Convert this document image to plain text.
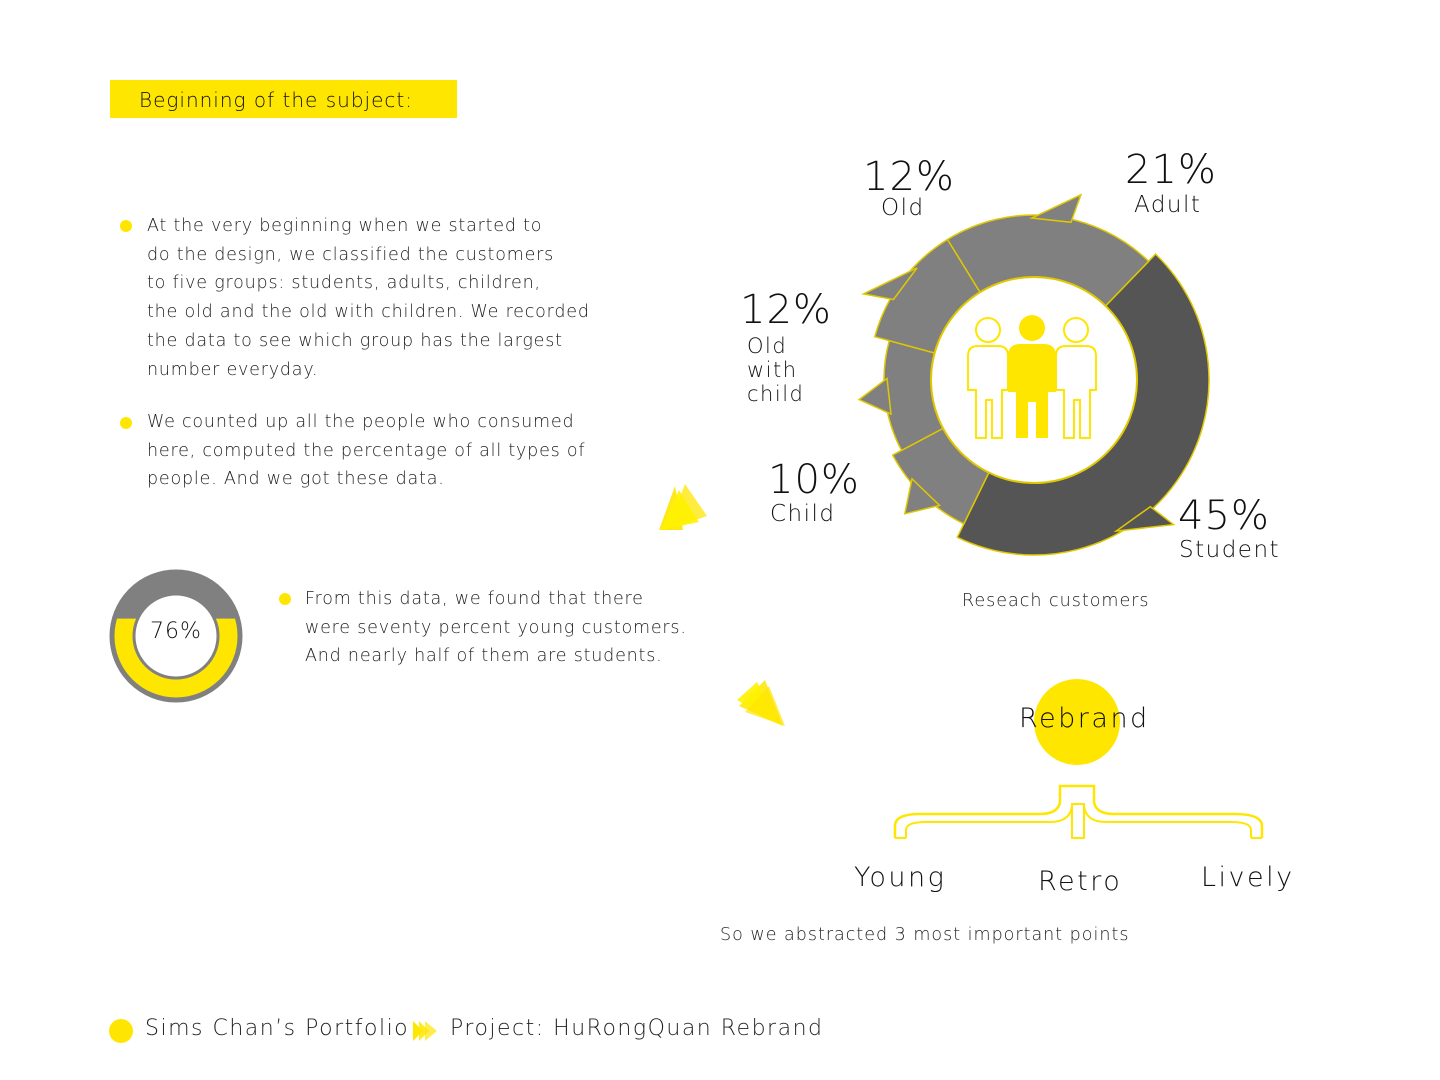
Beginning of the subject:
At the very beginning when we started to
do the design, we classified the customers
to five groups: students, adults, children,
the old and the old with children. We recorded
the data to see which group has the largest
number everyday.
We counted up all the people who consumed
here, computed the percentage of all types of
people. And we got these data.
76%
From this data, we found that there
were seventy percent young customers.
And nearly half of them are students.
12%
Old
21%
Adult
12%
Old with child
10%
Child	45%
Student
Reseach customers
Rebrand
Young	Retro	Lively
So we abstracted 3 most important points
Sims Chan’s Portfolio Project: HuRongQuan Rebrand
